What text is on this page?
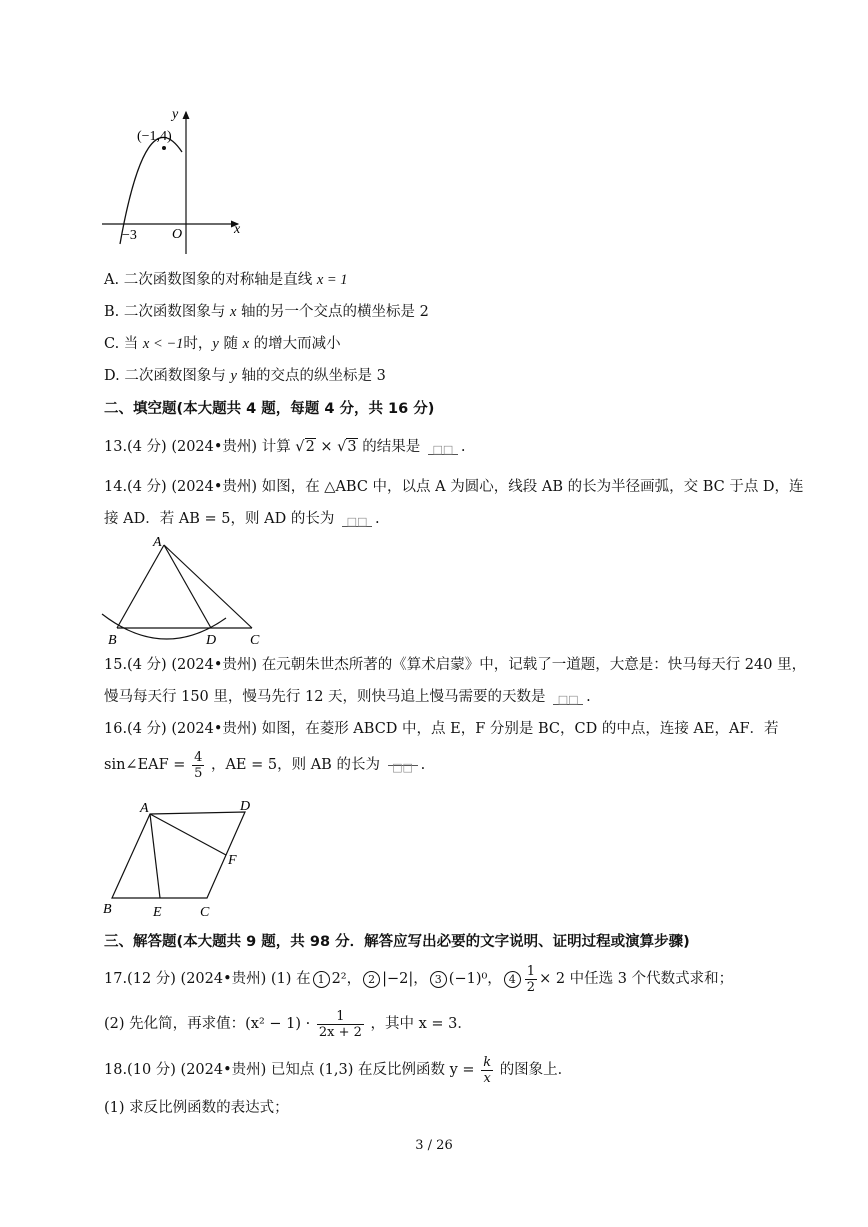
(−1,4)
y
x
O
−3
A. 二次函数图象的对称轴是直线 x = 1
B. 二次函数图象与 x 轴的另一个交点的横坐标是 2
C. 当 x < −1时，y 随 x 的增大而减小
D. 二次函数图象与 y 轴的交点的纵坐标是 3
二、填空题(本大题共 4 题，每题 4 分，共 16 分)
13.(4 分) (2024•贵州) 计算 √2 × √3 的结果是 □□ .
14.(4 分) (2024•贵州) 如图，在 △ABC 中，以点 A 为圆心，线段 AB 的长为半径画弧，交 BC 于点 D，连
接 AD．若 AB = 5，则 AD 的长为 □□ .
A
B	D C
15.(4 分) (2024•贵州) 在元朝朱世杰所著的《算术启蒙》中，记载了一道题，大意是：快马每天行 240 里，
慢马每天行 150 里，慢马先行 12 天，则快马追上慢马需要的天数是 □□ .
16.(4 分) (2024•贵州) 如图，在菱形 ABCD 中，点 E，F 分别是 BC，CD 的中点，连接 AE，AF．若
sin∠EAF = $\frac{4}{5}$ ，AE = 5，则 AB 的长为 □□ .
A	D
F
B	E	C
三、解答题(本大题共 9 题，共 98 分．解答应写出必要的文字说明、证明过程或演算步骤)
17.(12 分) (2024•贵州) (1) 在 1 2²， 2 |−2|， 3 (−1)⁰， $4 \frac{1}{2} \times 2$ 中任选 3 个代数式求和；
(2) 先化简，再求值：$(x^2 - 1) \cdot \frac{1}{2x + 2}$ ，其中 x = 3．
18.(10 分) (2024•贵州) 已知点 (1,3) 在反比例函数 $y = \frac{k}{x}$ 的图象上．
(1) 求反比例函数的表达式；
3 / 26
